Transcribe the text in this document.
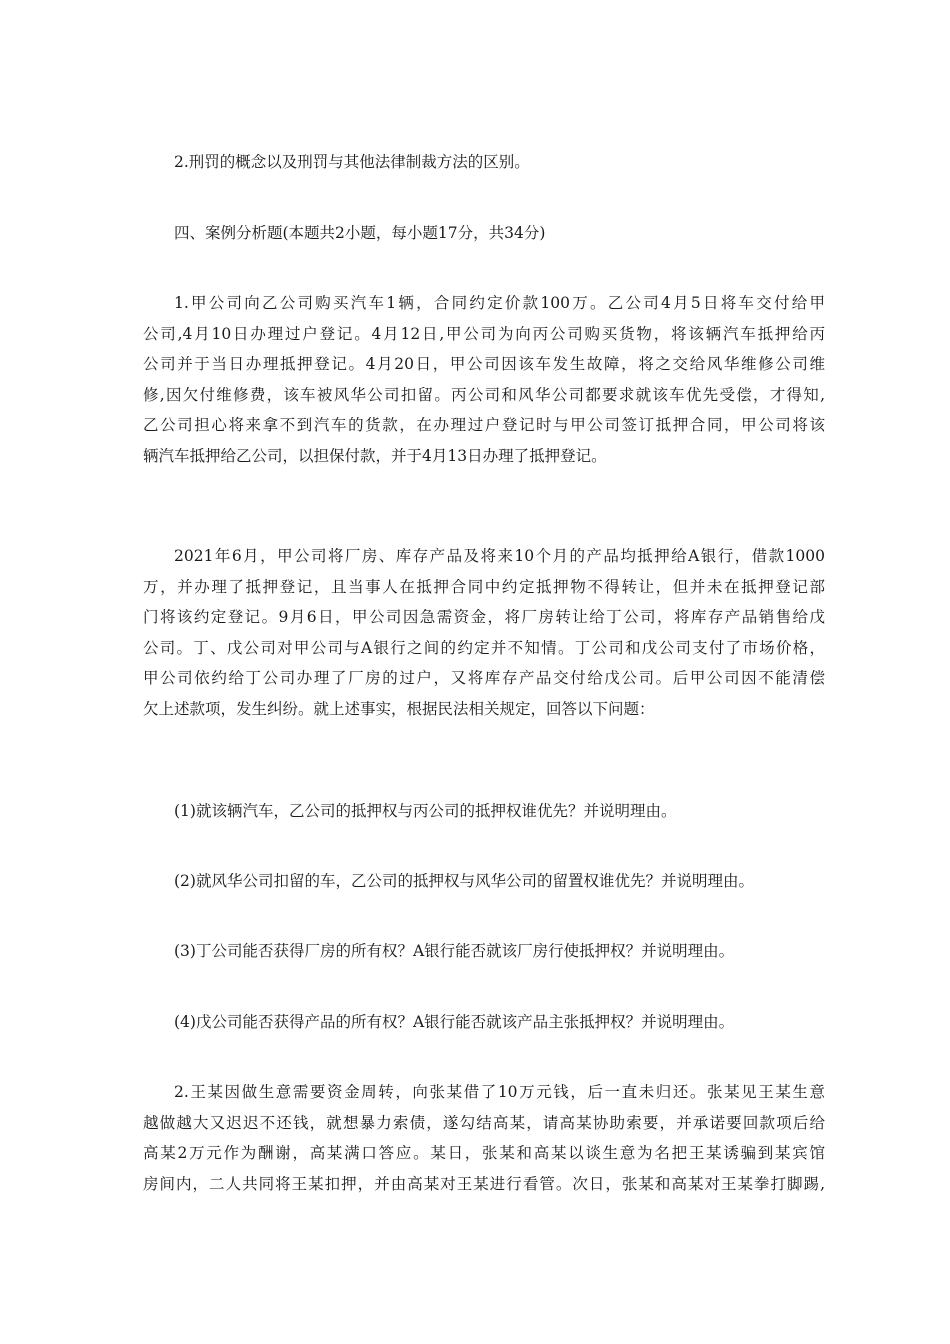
2.刑罚的概念以及刑罚与其他法律制裁方法的区别。
四、案例分析题(本题共2小题，每小题17分，共34分)
1.甲公司向乙公司购买汽车1辆，合同约定价款100万。乙公司4月5日将车交付给甲
公司,4月10日办理过户登记。4月12日,甲公司为向丙公司购买货物，将该辆汽车抵押给丙
公司并于当日办理抵押登记。4月20日，甲公司因该车发生故障，将之交给风华维修公司维
修,因欠付维修费，该车被风华公司扣留。丙公司和风华公司都要求就该车优先受偿，才得知,
乙公司担心将来拿不到汽车的货款，在办理过户登记时与甲公司签订抵押合同，甲公司将该
辆汽车抵押给乙公司，以担保付款，并于4月13日办理了抵押登记。
2021年6月，甲公司将厂房、库存产品及将来10个月的产品均抵押给A银行，借款1000
万，并办理了抵押登记，且当事人在抵押合同中约定抵押物不得转让，但并未在抵押登记部
门将该约定登记。9月6日，甲公司因急需资金，将厂房转让给丁公司，将库存产品销售给戊
公司。丁、戊公司对甲公司与A银行之间的约定并不知情。丁公司和戊公司支付了市场价格，
甲公司依约给丁公司办理了厂房的过户，又将库存产品交付给戊公司。后甲公司因不能清偿
欠上述款项，发生纠纷。就上述事实，根据民法相关规定，回答以下问题：
(1)就该辆汽车，乙公司的抵押权与丙公司的抵押权谁优先？并说明理由。
(2)就风华公司扣留的车，乙公司的抵押权与风华公司的留置权谁优先？并说明理由。
(3)丁公司能否获得厂房的所有权？A银行能否就该厂房行使抵押权？并说明理由。
(4)戊公司能否获得产品的所有权？A银行能否就该产品主张抵押权？并说明理由。
2.王某因做生意需要资金周转，向张某借了10万元钱，后一直未归还。张某见王某生意
越做越大又迟迟不还钱，就想暴力索债，遂勾结高某，请高某协助索要，并承诺要回款项后给
高某2万元作为酬谢，高某满口答应。某日，张某和高某以谈生意为名把王某诱骗到某宾馆
房间内，二人共同将王某扣押，并由高某对王某进行看管。次日，张某和高某对王某拳打脚踢,
